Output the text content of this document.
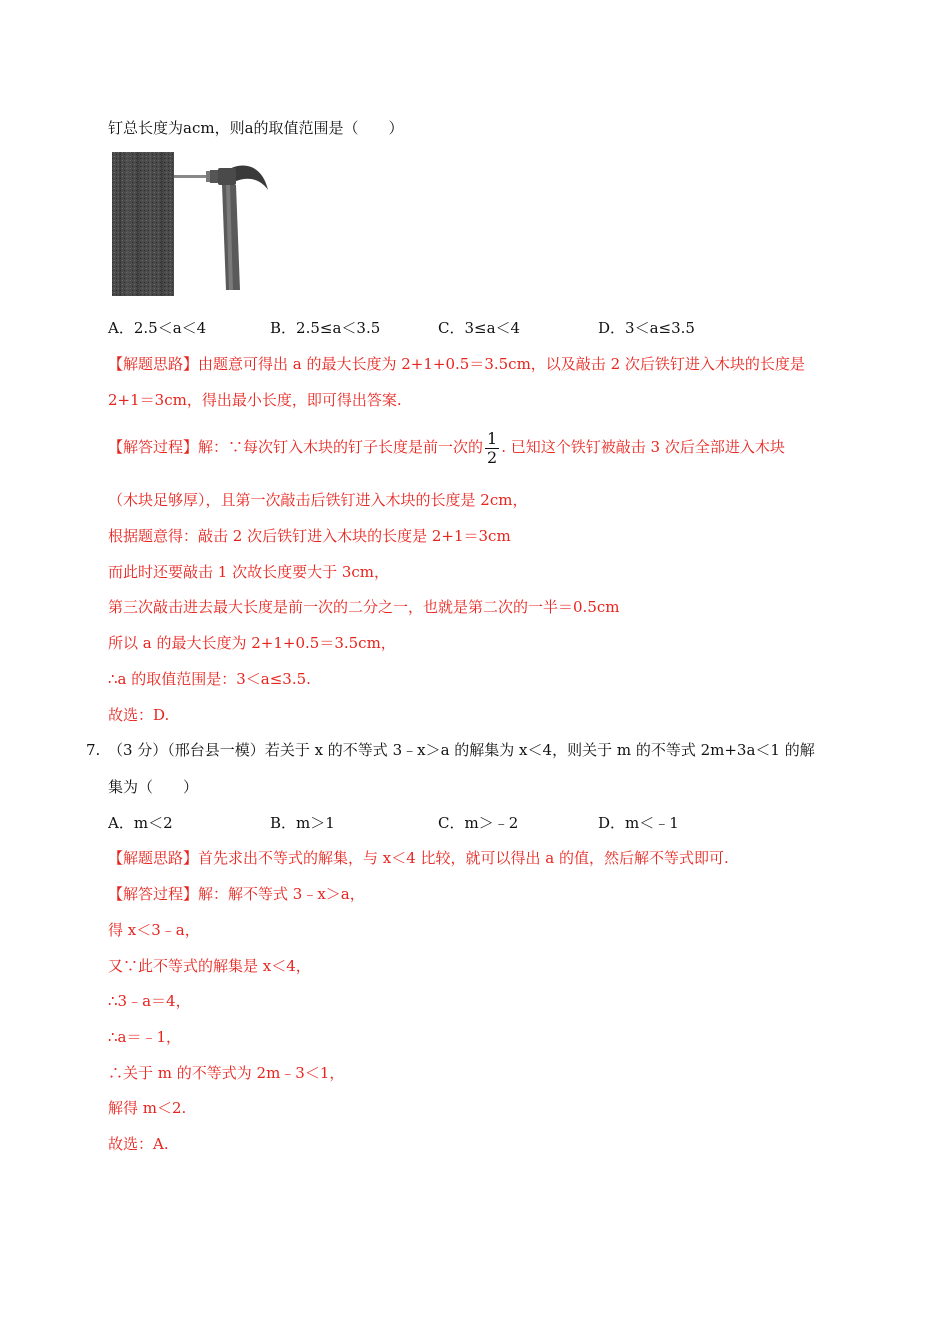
钉总长度为acm，则a的取值范围是（　　）
A．2.5＜a＜4	B．2.5≤a＜3.5	C．3≤a＜4	D．3＜a≤3.5
【解题思路】由题意可得出 a 的最大长度为 2+1+0.5＝3.5cm，以及敲击 2 次后铁钉进入木块的长度是
2+1＝3cm，得出最小长度，即可得出答案.
【解答过程】解：∵每次钉入木块的钉子长度是前一次的 $\frac{1}{2}$ . 已知这个铁钉被敲击 3 次后全部进入木块
（木块足够厚），且第一次敲击后铁钉进入木块的长度是 2cm，
根据题意得：敲击 2 次后铁钉进入木块的长度是 2+1＝3cm
而此时还要敲击 1 次故长度要大于 3cm，
第三次敲击进去最大长度是前一次的二分之一，也就是第二次的一半＝0.5cm
所以 a 的最大长度为 2+1+0.5＝3.5cm，
∴a 的取值范围是：3＜a≤3.5.
故选：D.
7. （3 分）（邢台县一模）若关于 x 的不等式 3﹣x＞a 的解集为 x＜4，则关于 m 的不等式 2m+3a＜1 的解
集为（　　）
A．m＜2	B．m＞1	C．m＞﹣2	D．m＜﹣1
【解题思路】首先求出不等式的解集，与 x＜4 比较，就可以得出 a 的值，然后解不等式即可.
【解答过程】解：解不等式 3﹣x＞a，
得 x＜3﹣a，
又∵此不等式的解集是 x＜4，
∴3﹣a＝4，
∴a＝﹣1，
∴关于 m 的不等式为 2m﹣3＜1，
解得 m＜2.
故选：A.
